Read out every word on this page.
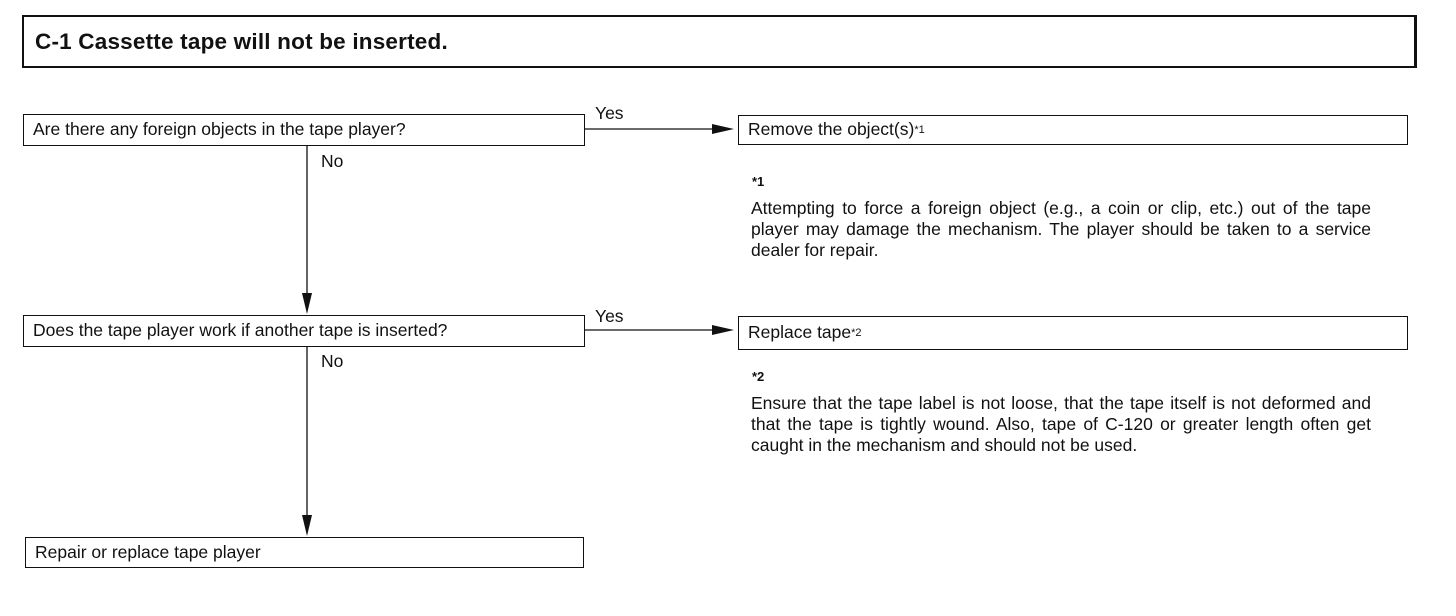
C-1 Cassette tape will not be inserted.
Are there any foreign objects in the tape player?
Yes
No
Remove the object(s) *1
*1
Attempting to force a foreign object (e.g., a coin or clip, etc.) out of the tape player may damage the mechanism. The player should be taken to a service dealer for repair.
Does the tape player work if another tape is inserted?
Yes
No
Replace tape *2
*2
Ensure that the tape label is not loose, that the tape itself is not deformed and that the tape is tightly wound. Also, tape of C-120 or greater length often get caught in the mechanism and should not be used.
Repair or replace tape player
